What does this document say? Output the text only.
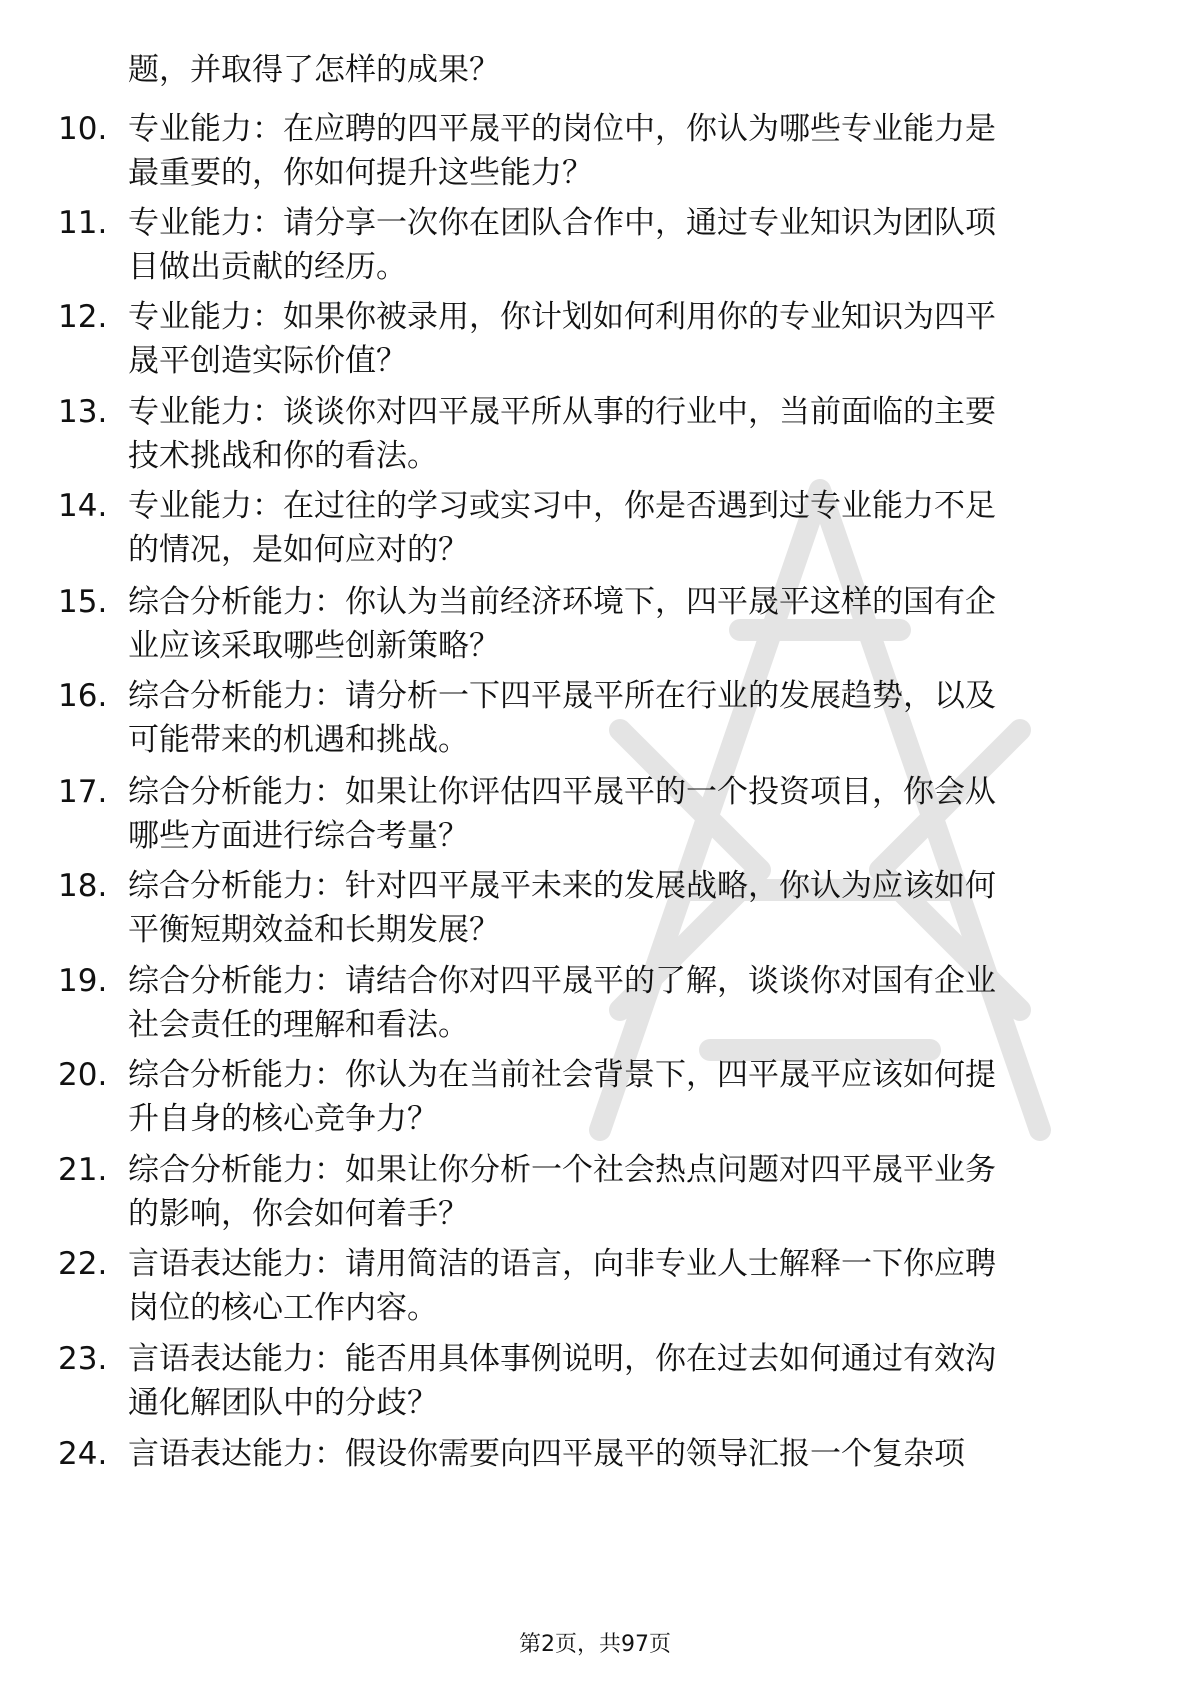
题，并取得了怎样的成果？
10. 专业能力：在应聘的四平晟平的岗位中，你认为哪些专业能力是
最重要的，你如何提升这些能力？
11. 专业能力：请分享一次你在团队合作中，通过专业知识为团队项
目做出贡献的经历。
12. 专业能力：如果你被录用，你计划如何利用你的专业知识为四平
晟平创造实际价值？
13. 专业能力：谈谈你对四平晟平所从事的行业中，当前面临的主要
技术挑战和你的看法。
14. 专业能力：在过往的学习或实习中，你是否遇到过专业能力不足
的情况，是如何应对的？
15. 综合分析能力：你认为当前经济环境下，四平晟平这样的国有企
业应该采取哪些创新策略？
16. 综合分析能力：请分析一下四平晟平所在行业的发展趋势，以及
可能带来的机遇和挑战。
17. 综合分析能力：如果让你评估四平晟平的一个投资项目，你会从
哪些方面进行综合考量？
18. 综合分析能力：针对四平晟平未来的发展战略，你认为应该如何
平衡短期效益和长期发展？
19. 综合分析能力：请结合你对四平晟平的了解，谈谈你对国有企业
社会责任的理解和看法。
20. 综合分析能力：你认为在当前社会背景下，四平晟平应该如何提
升自身的核心竞争力？
21. 综合分析能力：如果让你分析一个社会热点问题对四平晟平业务
的影响，你会如何着手？
22. 言语表达能力：请用简洁的语言，向非专业人士解释一下你应聘
岗位的核心工作内容。
23. 言语表达能力：能否用具体事例说明，你在过去如何通过有效沟
通化解团队中的分歧？
24. 言语表达能力：假设你需要向四平晟平的领导汇报一个复杂项
第2页，共97页
